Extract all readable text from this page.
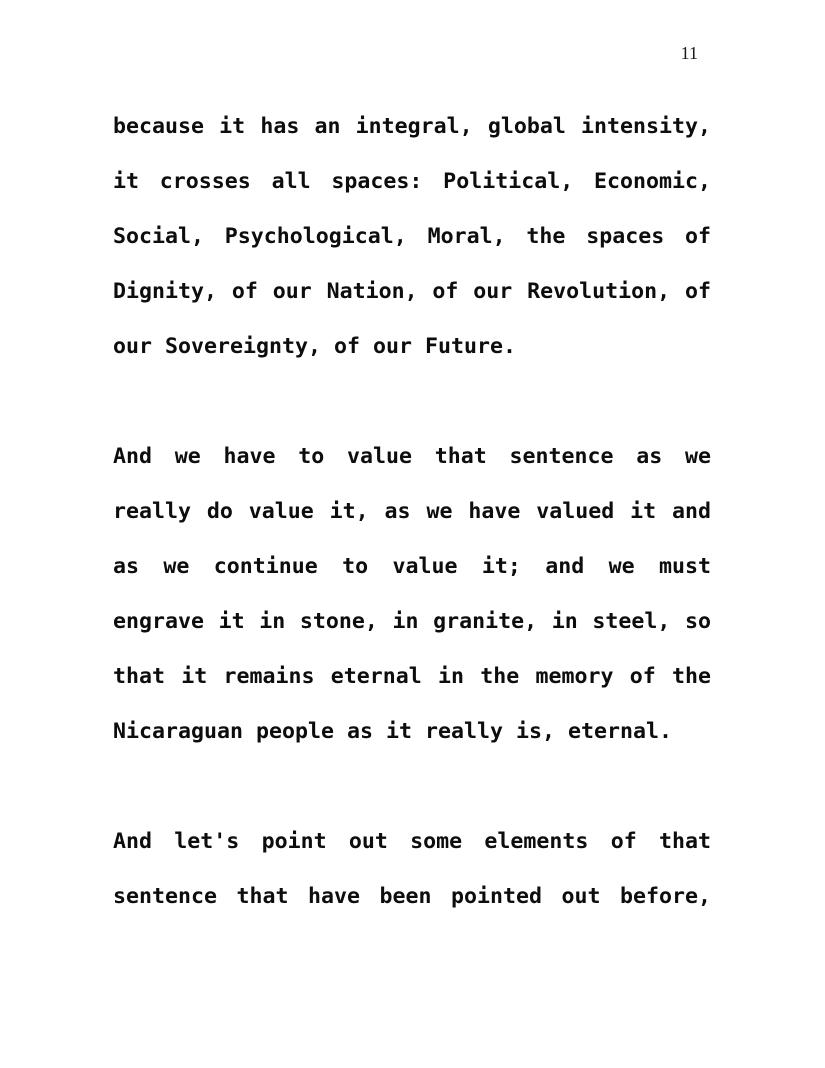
11
because it has an integral, global intensity,
it crosses all spaces: Political, Economic,
Social, Psychological, Moral, the spaces of
Dignity, of our Nation, of our Revolution, of
our Sovereignty, of our Future.
And we have to value that sentence as we
really do value it, as we have valued it and
as we continue to value it; and we must
engrave it in stone, in granite, in steel, so
that it remains eternal in the memory of the
Nicaraguan people as it really is, eternal.
And let's point out some elements of that
sentence that have been pointed out before,
